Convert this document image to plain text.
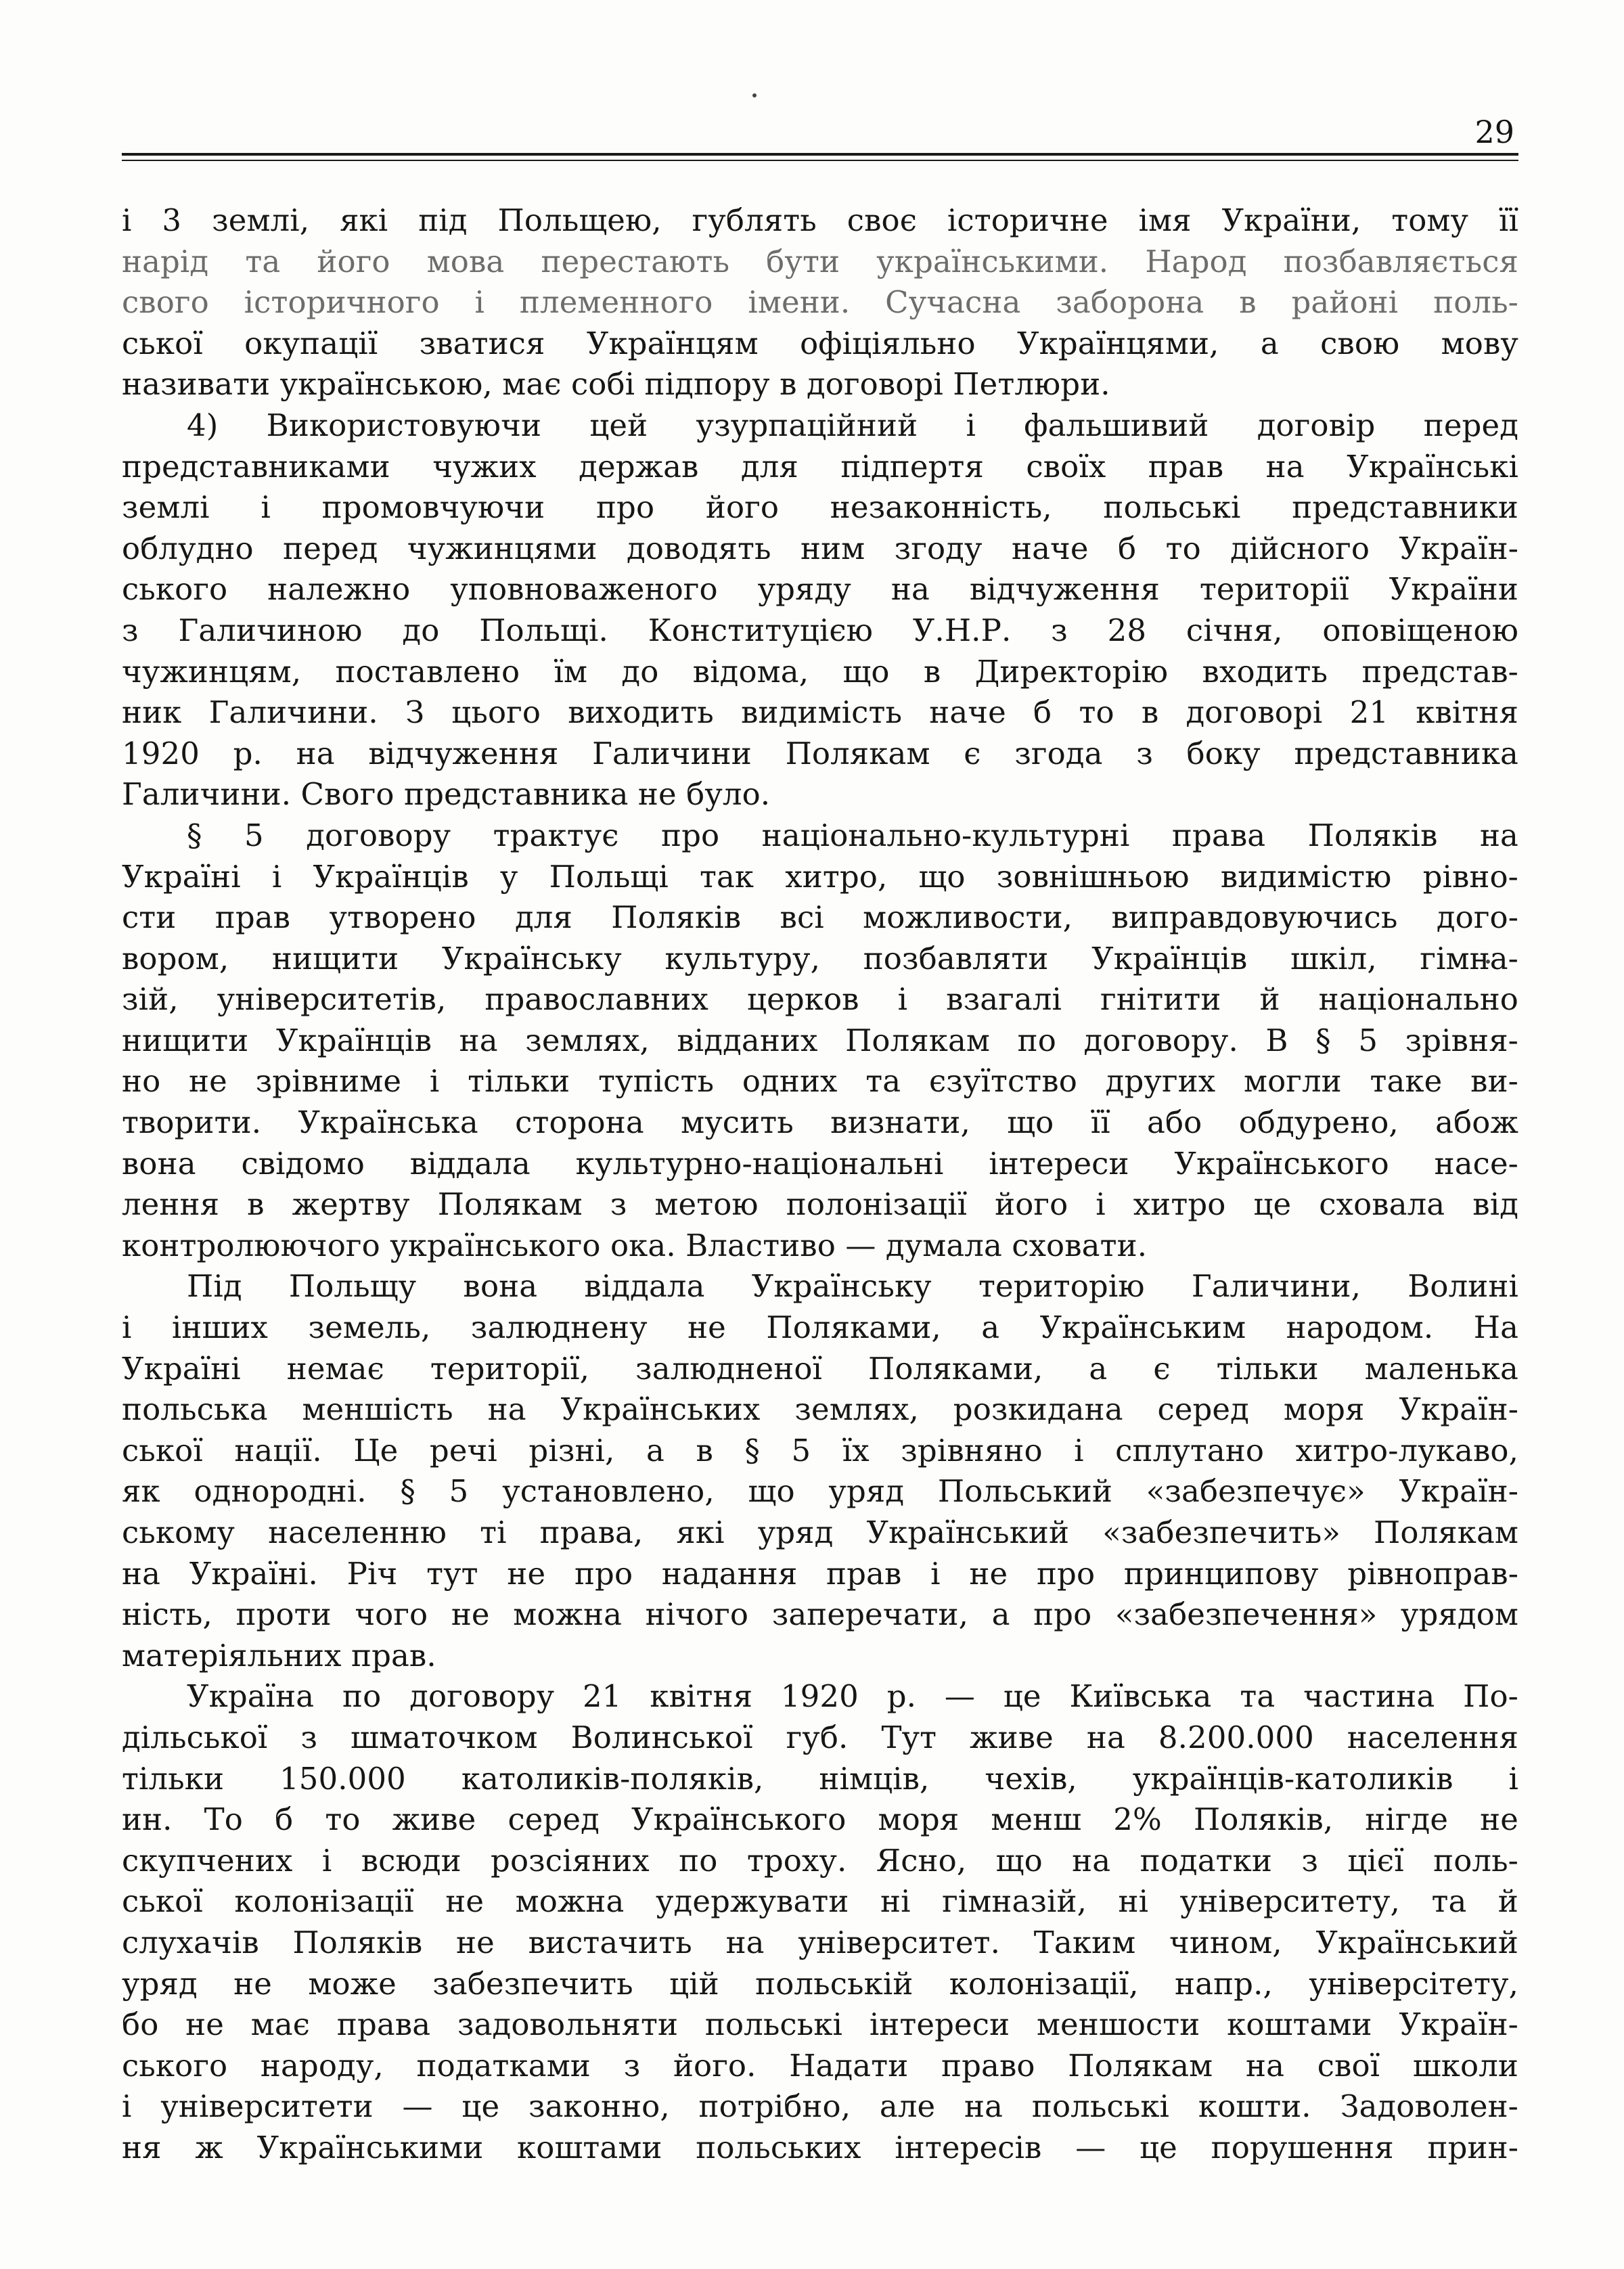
29

і 3 землі, які під Польщею, гублять своє історичне імя України, тому її
нарід та його мова перестають бути українськими. Народ позбавляється
свого історичного і племенного імени. Сучасна заборона в районі поль-
ської окупації зватися Українцям офіціяльно Українцями, а свою мову
називати українською, має собі підпору в договорі Петлюри.

4) Використовуючи цей узурпаційний і фальшивий договір перед
представниками чужих держав для підпертя своїх прав на Українські
землі і промовчуючи про його незаконність, польські представники
облудно перед чужинцями доводять ним згоду наче б то дійсного Україн-
ського належно уповноваженого уряду на відчуження території України
з Галичиною до Польщі. Конституцією У.Н.Р. з 28 січня, оповіщеною
чужинцям, поставлено їм до відома, що в Директорію входить представ-
ник Галичини. З цього виходить видимість наче б то в договорі 21 квітня
1920 р. на відчуження Галичини Полякам є згода з боку представника
Галичини. Свого представника не було.

§ 5 договору трактує про національно-культурні права Поляків на
Україні і Українців у Польщі так хитро, що зовнішньою видимістю рівно-
сти прав утворено для Поляків всі можливости, виправдовуючись дого-
вором, нищити Українську культуру, позбавляти Українців шкіл, гімна-
зій, університетів, православних церков і взагалі гнітити й національно
нищити Українців на землях, відданих Полякам по договору. В § 5 зрівня-
но не зрівниме і тільки тупість одних та єзуїтство других могли таке ви-
творити. Українська сторона мусить визнати, що її або обдурено, абож
вона свідомо віддала культурно-національні інтереси Українського насе-
лення в жертву Полякам з метою полонізації його і хитро це сховала від
контролюючого українського ока. Властиво — думала сховати.

Під Польщу вона віддала Українську територію Галичини, Волині
і інших земель, залюднену не Поляками, а Українським народом. На
Україні немає території, залюдненої Поляками, а є тільки маленька
польська меншість на Українських землях, розкидана серед моря Україн-
ської нації. Це речі різні, а в § 5 їх зрівняно і сплутано хитро-лукаво,
як однородні. § 5 установлено, що уряд Польський «забезпечує» Україн-
ському населенню ті права, які уряд Український «забезпечить» Полякам
на Україні. Річ тут не про надання прав і не про принципову рівноправ-
ність, проти чого не можна нічого заперечати, а про «забезпечення» урядом
матеріяльних прав.

Україна по договору 21 квітня 1920 р. — це Київська та частина По-
дільської з шматочком Волинської губ. Тут живе на 8.200.000 населення
тільки 150.000 католиків-поляків, німців, чехів, українців-католиків і
ин. То б то живе серед Українського моря менш 2% Поляків, нігде не
скупчених і всюди розсіяних по троху. Ясно, що на податки з цієї поль-
ської колонізації не можна удержувати ні гімназій, ні університету, та й
слухачів Поляків не вистачить на університет. Таким чином, Український
уряд не може забезпечить цій польській колонізації, напр., універсітету,
бо не має права задовольняти польські інтереси меншости коштами Україн-
ського народу, податками з його. Надати право Полякам на свої школи
і університети — це законно, потрібно, але на польські кошти. Задоволен-
ня ж Українськими коштами польських інтересів — це порушення прин-
